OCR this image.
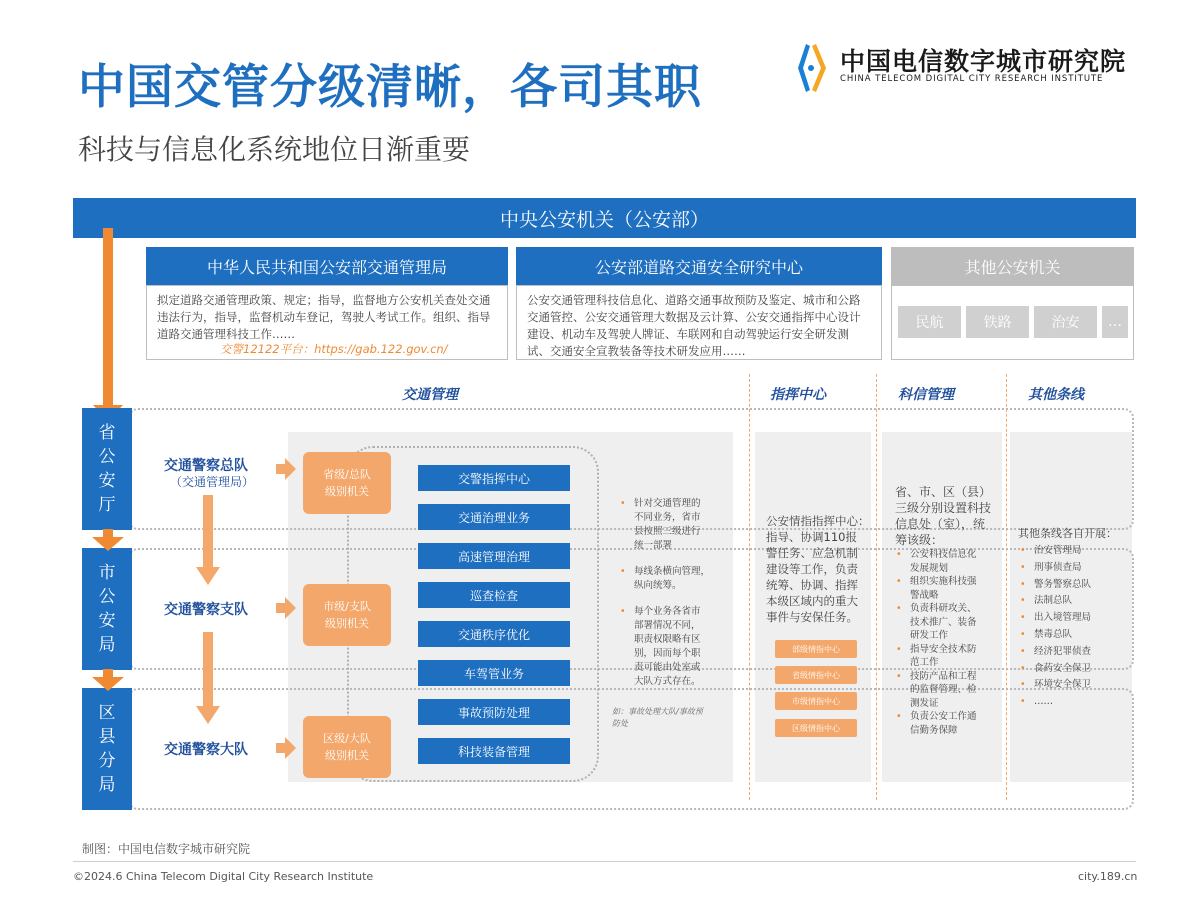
中国交管分级清晰，各司其职
科技与信息化系统地位日渐重要
中国电信数字城市研究院
CHINA TELECOM DIGITAL CITY RESEARCH INSTITUTE
中央公安机关（公安部）
中华人民共和国公安部交通管理局
拟定道路交通管理政策、规定；指导，监督地方公安机关查处交通违法行为，指导，监督机动车登记，驾驶人考试工作。组织、指导道路交通管理科技工作……
交警12122平台：https://gab.122.gov.cn/
公安部道路交通安全研究中心
公安交通管理科技信息化、道路交通事故预防及鉴定、城市和公路交通管控、公安交通管理大数据及云计算、公安交通指挥中心设计建设、机动车及驾驶人牌证、车联网和自动驾驶运行安全研发测试、交通安全宣教装备等技术研发应用……
其他公安机关
民航	铁路	治安	…
交通管理	指挥中心	科信管理	其他条线
省
公
安
厅
市
公
安
局
区
县
分
局
交通警察总队
（交通管理局）
交通警察支队
交通警察大队
省级/总队
级别机关
市级/支队
级别机关
区级/大队
级别机关
交警指挥中心
交通治理业务
高速管理治理
巡查检查
交通秩序优化
车驾管业务
事故预防处理
科技装备管理
• 针对交通管理的
不同业务，省市
县按照三级进行
统一部署
• 每线条横向管理，
纵向统筹。
• 每个业务各省市
部署情况不同，
职责权限略有区
别，因而每个职
责可能由处室或
大队方式存在。
如：事故处理大队/事故预
防处
公安情指指挥中心：
指导、协调110报
警任务、应急机制
建设等工作，负责
统筹、协调、指挥
本级区域内的重大
事件与安保任务。
部级情指中心
省级情指中心
市级情指中心
区级情指中心
省、市、区（县）
三级分别设置科技
信息处（室），统
筹该级：
• 公安科技信息化
发展规划
• 组织实施科技强
警战略
• 负责科研攻关、
技术推广、装备
研发工作
• 指导安全技术防
范工作
• 技防产品和工程
的监督管理、检
测发证
• 负责公安工作通
信勤务保障
其他条线各自开展：
• 治安管理局
• 刑事侦查局
• 警务警察总队
• 法制总队
• 出入境管理局
• 禁毒总队
• 经济犯罪侦查
• 食药安全保卫
• 环境安全保卫
• ……
制图：中国电信数字城市研究院
©2024.6 China Telecom Digital City Research Institute	city.189.cn
